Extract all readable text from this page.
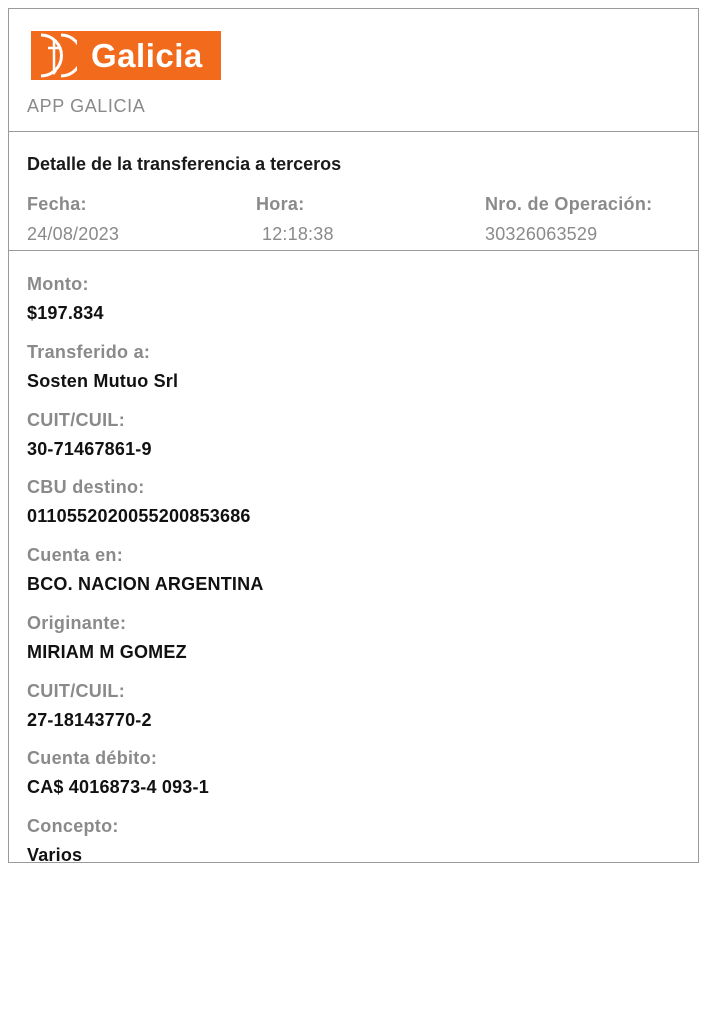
Galicia
APP GALICIA
Detalle de la transferencia a terceros
Fecha:
24/08/2023
Hora:
12:18:38
Nro. de Operación:
30326063529
Monto:
$197.834
Transferido a:
Sosten Mutuo Srl
CUIT/CUIL:
30-71467861-9
CBU destino:
0110552020055200853686
Cuenta en:
BCO. NACION ARGENTINA
Originante:
MIRIAM M GOMEZ
CUIT/CUIL:
27-18143770-2
Cuenta débito:
CA$ 4016873-4 093-1
Concepto:
Varios
